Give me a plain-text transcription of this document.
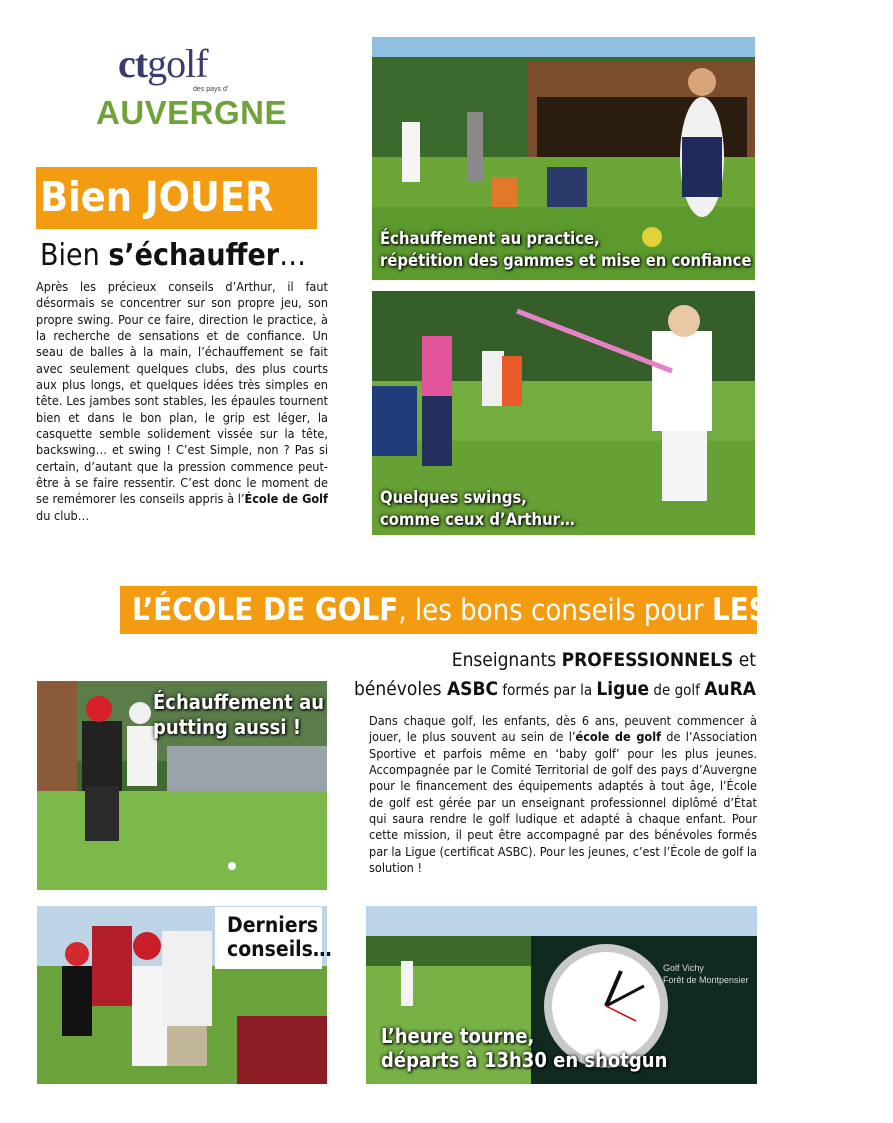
ctgolf
des pays d'
AUVERGNE
Bien JOUER
Bien s’échauffer…
Après les précieux conseils d’Arthur, il faut désormais se concentrer sur son propre jeu, son propre swing. Pour ce faire, direction le practice, à la recherche de sensations et de confiance. Un seau de balles à la main, l’échauffement se fait avec seulement quelques clubs, des plus courts aux plus longs, et quelques idées très simples en tête. Les jambes sont stables, les épaules tournent bien et dans le bon plan, le grip est léger, la casquette semble solidement vissée sur la tête, backswing… et swing ! C’est Simple, non ? Pas si certain, d’autant que la pression commence peut-être à se faire ressentir. C’est donc le moment de se remémorer les conseils appris à l’École de Golf du club…
Échauffement au practice,
répétition des gammes et mise en confiance
Quelques swings,
comme ceux d’Arthur…
L’ÉCOLE DE GOLF, les bons conseils pour LES JEUNES
Enseignants PROFESSIONNELS et
bénévoles ASBC formés par la Ligue de golf AuRA
Dans chaque golf, les enfants, dès 6 ans, peuvent commencer à jouer, le plus souvent au sein de l’école de golf de l’Association Sportive et parfois même en ‘baby golf’ pour les plus jeunes. Accompagnée par le Comité Territorial de golf des pays d’Auvergne pour le financement des équipements adaptés à tout âge, l’École de golf est gérée par un enseignant professionnel diplômé d’État qui saura rendre le golf ludique et adapté à chaque enfant. Pour cette mission, il peut être accompagné par des bénévoles formés par la Ligue (certificat ASBC). Pour les jeunes, c’est l’École de golf la solution !
Échauffement au
putting aussi !
Derniers
conseils…
Golf Vichy
Forêt de Montpensier
L’heure tourne,
départs à 13h30 en shotgun
